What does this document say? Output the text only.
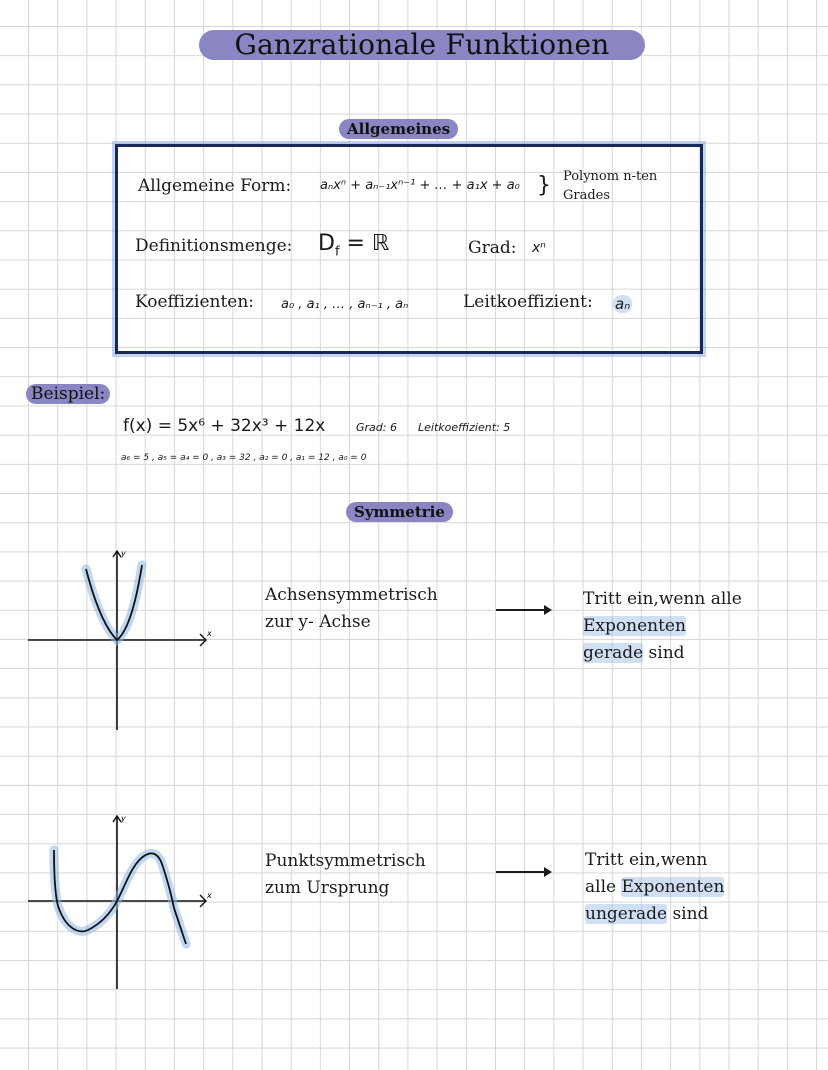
Ganzrationale Funktionen
Allgemeines
Allgemeine Form: aₙxⁿ + aₙ₋₁xⁿ⁻¹ + … + a₁x + a₀ } Polynom n-ten
Grades
Definitionsmenge: $D_f$ = ℝ	Grad: xⁿ
Koeffizienten: a₀ , a₁ , … , aₙ₋₁ , aₙ	Leitkoeffizient: aₙ
Beispiel:
f(x) = 5x⁶ + 32x³ + 12x	Grad: 6 Leitkoeffizient: 5
a₆ = 5 , a₅ = a₄ = 0 , a₃ = 32 , a₂ = 0 , a₁ = 12 , a₀ = 0
Symmetrie
x
y
Achsensymmetrisch
zur y- Achse
Tritt ein,wenn alle
Exponenten
gerade sind
x
y
Punktsymmetrisch
zum Ursprung
Tritt ein,wenn
alle Exponenten
ungerade sind
